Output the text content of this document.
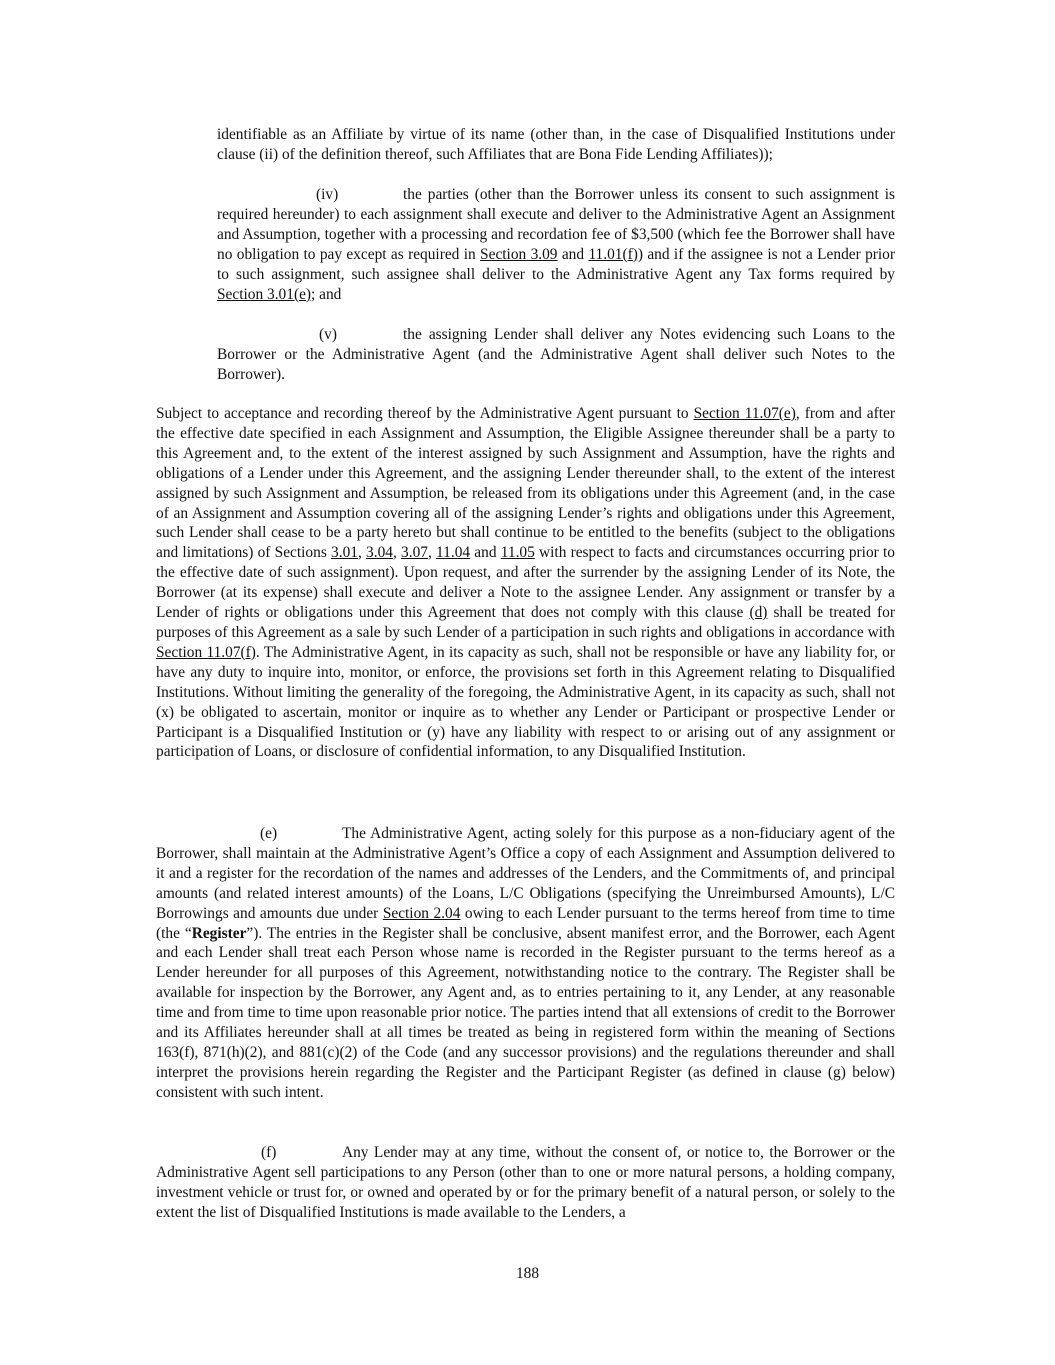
identifiable as an Affiliate by virtue of its name (other than, in the case of Disqualified Institutions under clause (ii) of the definition thereof, such Affiliates that are Bona Fide Lending Affiliates));

(iv)	the parties (other than the Borrower unless its consent to such assignment is required hereunder) to each assignment shall execute and deliver to the Administrative Agent an Assignment and Assumption, together with a processing and recordation fee of $3,500 (which fee the Borrower shall have no obligation to pay except as required in Section 3.09 and 11.01(f)) and if the assignee is not a Lender prior to such assignment, such assignee shall deliver to the Administrative Agent any Tax forms required by Section 3.01(e); and

(v)	the assigning Lender shall deliver any Notes evidencing such Loans to the Borrower or the Administrative Agent (and the Administrative Agent shall deliver such Notes to the Borrower).

Subject to acceptance and recording thereof by the Administrative Agent pursuant to Section 11.07(e), from and after the effective date specified in each Assignment and Assumption, the Eligible Assignee thereunder shall be a party to this Agreement and, to the extent of the interest assigned by such Assignment and Assumption, have the rights and obligations of a Lender under this Agreement, and the assigning Lender thereunder shall, to the extent of the interest assigned by such Assignment and Assumption, be released from its obligations under this Agreement (and, in the case of an Assignment and Assumption covering all of the assigning Lender’s rights and obligations under this Agreement, such Lender shall cease to be a party hereto but shall continue to be entitled to the benefits (subject to the obligations and limitations) of Sections 3.01, 3.04, 3.07, 11.04 and 11.05 with respect to facts and circumstances occurring prior to the effective date of such assignment). Upon request, and after the surrender by the assigning Lender of its Note, the Borrower (at its expense) shall execute and deliver a Note to the assignee Lender. Any assignment or transfer by a Lender of rights or obligations under this Agreement that does not comply with this clause (d) shall be treated for purposes of this Agreement as a sale by such Lender of a participation in such rights and obligations in accordance with Section 11.07(f). The Administrative Agent, in its capacity as such, shall not be responsible or have any liability for, or have any duty to inquire into, monitor, or enforce, the provisions set forth in this Agreement relating to Disqualified Institutions. Without limiting the generality of the foregoing, the Administrative Agent, in its capacity as such, shall not (x) be obligated to ascertain, monitor or inquire as to whether any Lender or Participant or prospective Lender or Participant is a Disqualified Institution or (y) have any liability with respect to or arising out of any assignment or participation of Loans, or disclosure of confidential information, to any Disqualified Institution.

(e)	The Administrative Agent, acting solely for this purpose as a non-fiduciary agent of the Borrower, shall maintain at the Administrative Agent’s Office a copy of each Assignment and Assumption delivered to it and a register for the recordation of the names and addresses of the Lenders, and the Commitments of, and principal amounts (and related interest amounts) of the Loans, L/C Obligations (specifying the Unreimbursed Amounts), L/C Borrowings and amounts due under Section 2.04 owing to each Lender pursuant to the terms hereof from time to time (the “Register”). The entries in the Register shall be conclusive, absent manifest error, and the Borrower, each Agent and each Lender shall treat each Person whose name is recorded in the Register pursuant to the terms hereof as a Lender hereunder for all purposes of this Agreement, notwithstanding notice to the contrary. The Register shall be available for inspection by the Borrower, any Agent and, as to entries pertaining to it, any Lender, at any reasonable time and from time to time upon reasonable prior notice. The parties intend that all extensions of credit to the Borrower and its Affiliates hereunder shall at all times be treated as being in registered form within the meaning of Sections 163(f), 871(h)(2), and 881(c)(2) of the Code (and any successor provisions) and the regulations thereunder and shall interpret the provisions herein regarding the Register and the Participant Register (as defined in clause (g) below) consistent with such intent.

(f)	Any Lender may at any time, without the consent of, or notice to, the Borrower or the Administrative Agent sell participations to any Person (other than to one or more natural persons, a holding company, investment vehicle or trust for, or owned and operated by or for the primary benefit of a natural person, or solely to the extent the list of Disqualified Institutions is made available to the Lenders, a

188
